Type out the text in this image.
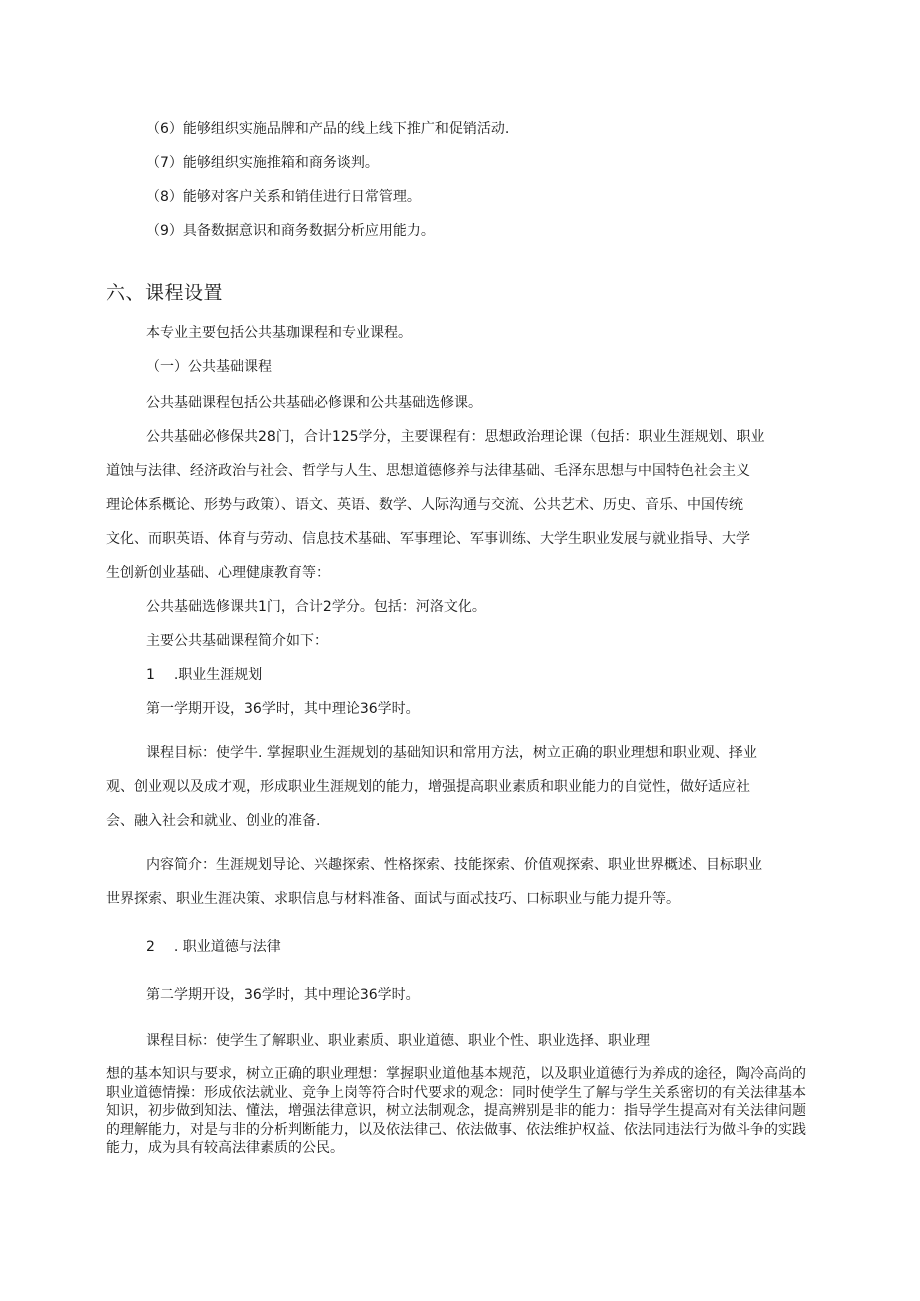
（6）能够组织实施品牌和产品的线上线下推广和促销活动.
（7）能够组织实施推箱和商务谈判。
（8）能够对客户关系和销佳进行日常管理。
（9）具备数据意识和商务数据分析应用能力。
六、课程设置
本专业主要包括公共基珈课程和专业课程。
（一）公共基础课程
公共基础课程包括公共基础必修课和公共基础选修课。
公共基础必修保共28门，合计125学分，主要课程有：思想政治理论课（包括：职业生涯规划、职业
道蚀与法律、经济政治与社会、哲学与人生、思想道德修养与法律基础、毛泽东思想与中国特色社会主义
理论体系概论、形势与政策）、语文、英语、数学、人际沟通与交流、公共艺术、历史、音乐、中国传统
文化、而职英语、体育与劳动、信息技术基础、军事理论、军事训练、大学生职业发展与就业指导、大学
生创新创业基础、心理健康教育等：
公共基础选修课共1门，合计2学分。包括：河洛文化。
主要公共基础课程简介如下：
1 .职业生涯规划
第一学期开设，36学时，其中理论36学时。
课程目标：使学牛. 掌握职业生涯规划的基础知识和常用方法，树立正确的职业理想和职业观、择业
观、创业观以及成才观，形成职业生涯规划的能力，增强提高职业素质和职业能力的自觉性，做好适应社
会、融入社会和就业、创业的准备.
内容简介：生涯规划导论、兴趣探索、性格探索、技能探索、价值观探索、职业世界概述、目标职业
世界探索、职业生涯决策、求职信息与材料准备、面试与面忒技巧、口标职业与能力提升等。
2 . 职业道德与法律
第二学期开设，36学时，其中理论36学时。
课程目标：使学生了解职业、职业素质、职业道德、职业个性、职业选择、职业理
想的基本知识与要求，树立正确的职业理想：掌握职业道他基本规范，以及职业道德行为养成的途径，陶冷高尚的职业道德情操：形成依法就业、竞争上岗等符合时代要求的观念：同时使学生了解与学生关系密切的有关法律基本知识，初步做到知法、懂法，增强法律意识，树立法制观念，提高辨别是非的能力：指导学生提高对有关法律问题的理解能力，对是与非的分析判断能力，以及依法律己、依法做事、依法维护权益、依法同违法行为做斗争的实践能力，成为具有较高法律素质的公民。
